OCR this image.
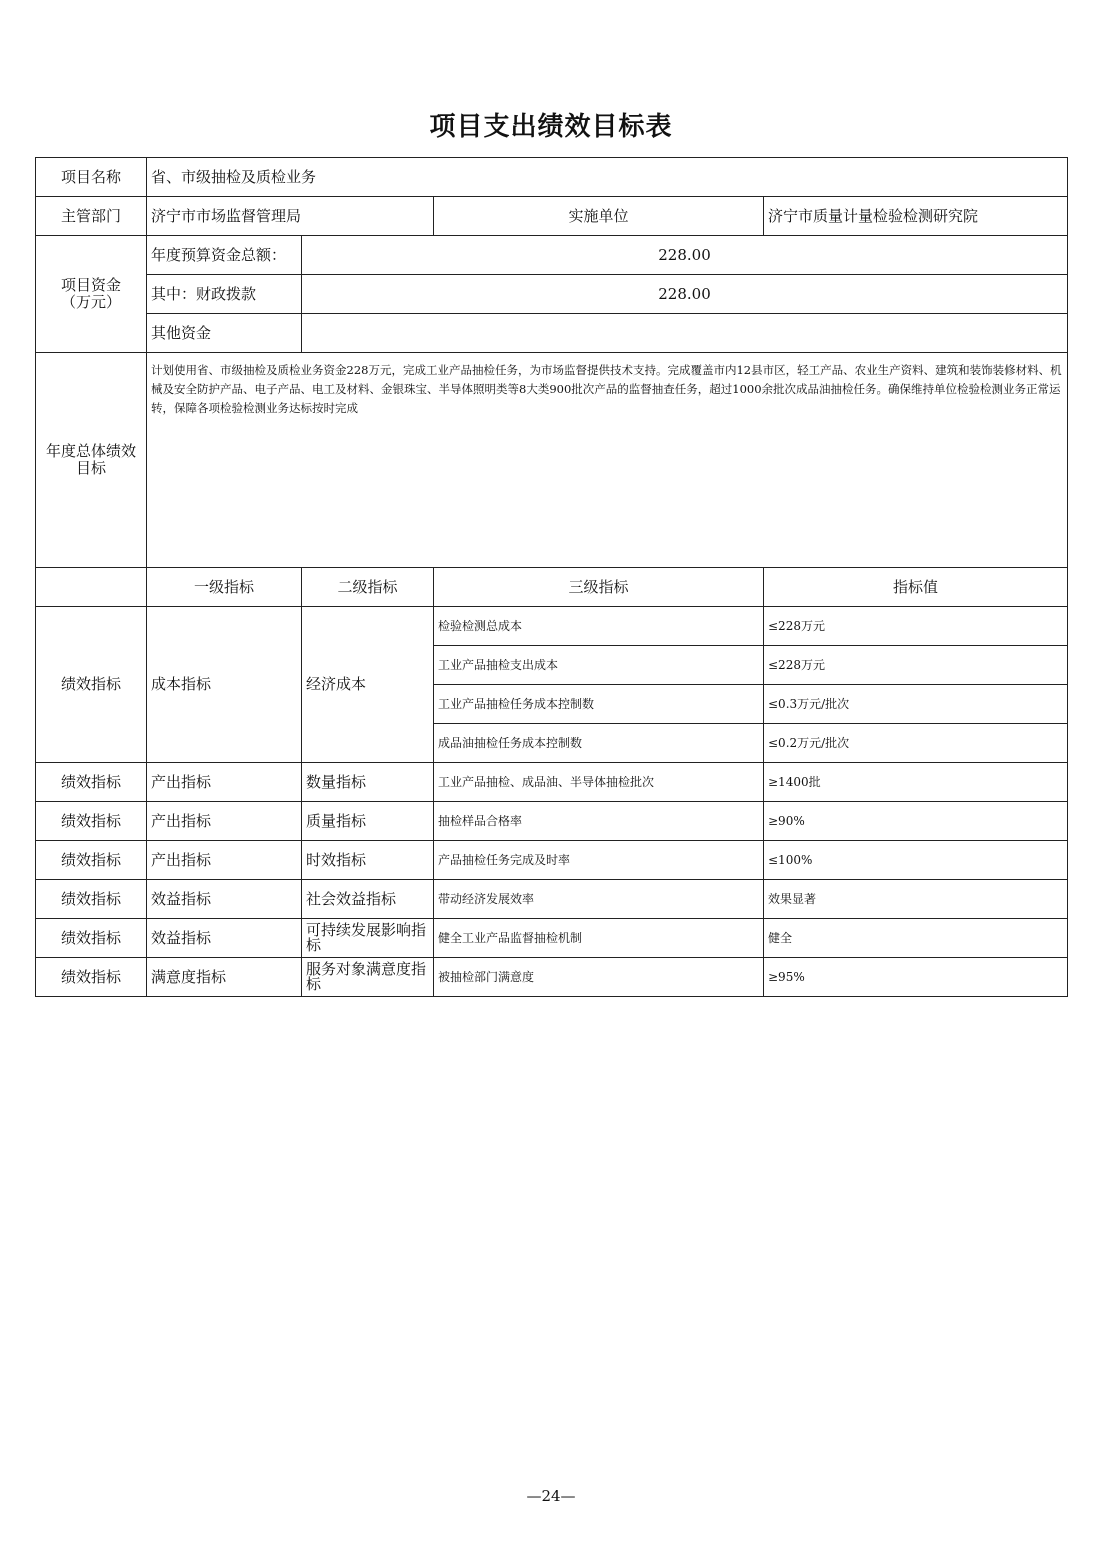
项目支出绩效目标表
项目名称	省、市级抽检及质检业务			
主管部门	济宁市市场监督管理局		实施单位	济宁市质量计量检验检测研究院

项目资金
（万元）	年度预算资金总额：	228.00		
	其中：财政拨款	228.00		
	其他资金			

年度总体绩效
目标	计划使用省、市级抽检及质检业务资金228万元，完成工业产品抽检任务，为市场监督提供技术支持。完成覆盖市内12县市区，轻工产品、农业生产资料、建筑和装饰装修材料、机械及安全防护产品、电子产品、电工及材料、金银珠宝、半导体照明类等8大类900批次产品的监督抽查任务，超过1000余批次成品油抽检任务。确保维持单位检验检测业务正常运转，保障各项检验检测业务达标按时完成			
	一级指标	二级指标	三级指标	指标值
绩效指标	成本指标	经济成本	检验检测总成本	≤228万元
			工业产品抽检支出成本	≤228万元
			工业产品抽检任务成本控制数	≤0.3万元/批次
			成品油抽检任务成本控制数	≤0.2万元/批次
绩效指标	产出指标	数量指标	工业产品抽检、成品油、半导体抽检批次	≥1400批
绩效指标	产出指标	质量指标	抽检样品合格率	≥90%
绩效指标	产出指标	时效指标	产品抽检任务完成及时率	≤100%
绩效指标	效益指标	社会效益指标	带动经济发展效率	效果显著
绩效指标	效益指标	可持续发展影响指标	健全工业产品监督抽检机制	健全
绩效指标	满意度指标	服务对象满意度指标	被抽检部门满意度	≥95%
—24—
